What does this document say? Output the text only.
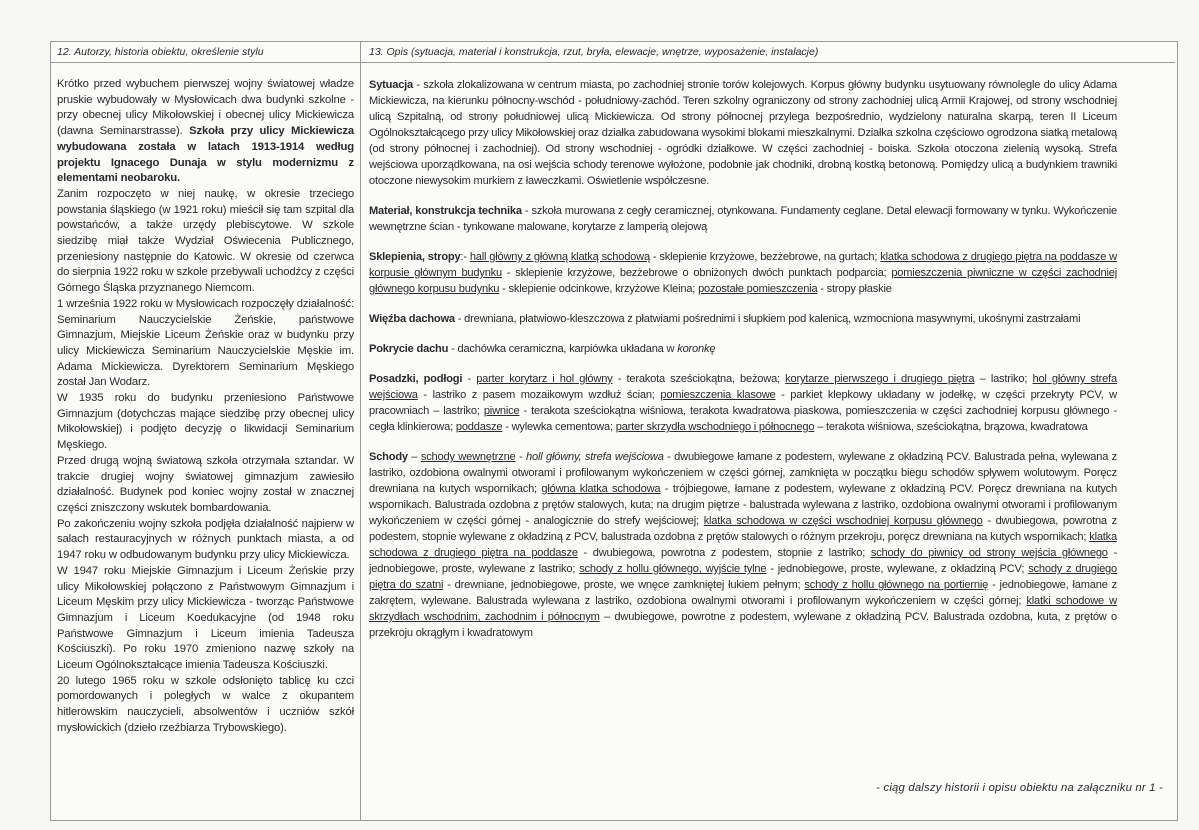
12. Autorzy, historia obiektu, określenie stylu

Krótko przed wybuchem pierwszej wojny światowej władze pruskie wybudowały w Mysłowicach dwa budynki szkolne - przy obecnej ulicy Mikołowskiej i obecnej ulicy Mickiewicza (dawna Seminarstrasse). Szkoła przy ulicy Mickiewicza wybudowana została w latach 1913-1914 według projektu Ignacego Dunaja w stylu modernizmu z elementami neobaroku.

Zanim rozpoczęto w niej naukę, w okresie trzeciego powstania śląskiego (w 1921 roku) mieścił się tam szpital dla powstańców, a także urzędy plebiscytowe. W szkole siedzibę miał także Wydział Oświecenia Publicznego, przeniesiony następnie do Katowic. W okresie od czerwca do sierpnia 1922 roku w szkole przebywali uchodźcy z części Górnego Śląska przyznanego Niemcom.

1 września 1922 roku w Mysłowicach rozpoczęły działalność: Seminarium Nauczycielskie Żeńskie, państwowe Gimnazjum, Miejskie Liceum Żeńskie oraz w budynku przy ulicy Mickiewicza Seminarium Nauczycielskie Męskie im. Adama Mickiewicza. Dyrektorem Seminarium Męskiego został Jan Wodarz.

W 1935 roku do budynku przeniesiono Państwowe Gimnazjum (dotychczas mające siedzibę przy obecnej ulicy Mikołowskiej) i podjęto decyzję o likwidacji Seminarium Męskiego.

Przed drugą wojną światową szkoła otrzymała sztandar. W trakcie drugiej wojny światowej gimnazjum zawiesiło działalność. Budynek pod koniec wojny został w znacznej części zniszczony wskutek bombardowania.

Po zakończeniu wojny szkoła podjęła działalność najpierw w salach restauracyjnych w różnych punktach miasta, a od 1947 roku w odbudowanym budynku przy ulicy Mickiewicza.

W 1947 roku Miejskie Gimnazjum i Liceum Żeńskie przy ulicy Mikołowskiej połączono z Państwowym Gimnazjum i Liceum Męskim przy ulicy Mickiewicza - tworząc Państwowe Gimnazjum i Liceum Koedukacyjne (od 1948 roku Państwowe Gimnazjum i Liceum imienia Tadeusza Kościuszki). Po roku 1970 zmieniono nazwę szkoły na Liceum Ogólnokształcące imienia Tadeusza Kościuszki.

20 lutego 1965 roku w szkole odsłonięto tablicę ku czci pomordowanych i poległych w walce z okupantem hitlerowskim nauczycieli, absolwentów i uczniów szkół mysłowickich (dzieło rzeźbiarza Trybowskiego).

13. Opis (sytuacja, materiał i konstrukcja, rzut, bryła, elewacje, wnętrze, wyposażenie, instalacje)

Sytuacja - szkoła zlokalizowana w centrum miasta, po zachodniej stronie torów kolejowych. Korpus główny budynku usytuowany równolegle do ulicy Adama Mickiewicza, na kierunku północny-wschód - południowy-zachód. Teren szkolny ograniczony od strony zachodniej ulicą Armii Krajowej, od strony wschodniej ulicą Szpitalną, od strony południowej ulicą Mickiewicza. Od strony północnej przylega bezpośrednio, wydzielony naturalna skarpą, teren II Liceum Ogólnokształcącego przy ulicy Mikołowskiej oraz działka zabudowana wysokimi blokami mieszkalnymi. Działka szkolna częściowo ogrodzona siatką metalową (od strony północnej i zachodniej). Od strony wschodniej - ogródki działkowe. W części zachodniej - boiska. Szkoła otoczona zielenią wysoką. Strefa wejściowa uporządkowana, na osi wejścia schody terenowe wyłożone, podobnie jak chodniki, drobną kostką betonową. Pomiędzy ulicą a budynkiem trawniki otoczone niewysokim murkiem z ławeczkami. Oświetlenie współczesne.

Materiał, konstrukcja technika - szkoła murowana z cegły ceramicznej, otynkowana. Fundamenty ceglane. Detal elewacji formowany w tynku. Wykończenie wewnętrzne ścian - tynkowane malowane, korytarze z lamperią olejową

Sklepienia, stropy:- hall główny z główną klatką schodową - sklepienie krzyżowe, bezżebrowe, na gurtach; klatka schodowa z drugiego piętra na poddasze w korpusie głównym budynku - sklepienie krzyżowe, bezżebrowe o obniżonych dwóch punktach podparcia; pomieszczenia piwniczne w części zachodniej głównego korpusu budynku - sklepienie odcinkowe, krzyżowe Kleina; pozostałe pomieszczenia - stropy płaskie

Więźba dachowa - drewniana, płatwiowo-kleszczowa z płatwiami pośrednimi i słupkiem pod kalenicą, wzmocniona masywnymi, ukośnymi zastrzałami

Pokrycie dachu - dachówka ceramiczna, karpiówka układana w koronkę

Posadzki, podłogi - parter korytarz i hol główny - terakota sześciokątna, beżowa; korytarze pierwszego i drugiego piętra – lastriko; hol główny strefa wejściowa - lastriko z pasem mozaikowym wzdłuż ścian; pomieszczenia klasowe - parkiet klepkowy układany w jodełkę, w części przekryty PCV, w pracowniach – lastriko; piwnice - terakota sześciokątna wiśniowa, terakota kwadratowa piaskowa, pomieszczenia w części zachodniej korpusu głównego - cegła klinkierowa; poddasze - wylewka cementowa; parter skrzydła wschodniego i północnego – terakota wiśniowa, sześciokątna, brązowa, kwadratowa

Schody – schody wewnętrzne - holl główny, strefa wejściowa - dwubiegowe łamane z podestem, wylewane z okładziną PCV. Balustrada pełna, wylewana z lastriko, ozdobiona owalnymi otworami i profilowanym wykończeniem w części górnej, zamknięta w początku biegu schodów spływem wolutowym. Poręcz drewniana na kutych wspornikach; główna klatka schodowa - trójbiegowe, łamane z podestem, wylewane z okładziną PCV. Poręcz drewniana na kutych wspornikach. Balustrada ozdobna z prętów stalowych, kuta; na drugim piętrze - balustrada wylewana z lastriko, ozdobiona owalnymi otworami i profilowanym wykończeniem w części górnej - analogicznie do strefy wejściowej; klatka schodowa w części wschodniej korpusu głównego - dwubiegowa, powrotna z podestem, stopnie wylewane z okładziną z PCV, balustrada ozdobna z prętów stalowych o różnym przekroju, poręcz drewniana na kutych wspornikach; klatka schodowa z drugiego piętra na poddasze - dwubiegowa, powrotna z podestem, stopnie z lastriko; schody do piwnicy od strony wejścia głównego - jednobiegowe, proste, wylewane z lastriko; schody z hollu głównego, wyjście tylne - jednobiegowe, proste, wylewane, z okładziną PCV; schody z drugiego piętra do szatni - drewniane, jednobiegowe, proste, we wnęce zamkniętej łukiem pełnym; schody z hollu głównego na portiernię - jednobiegowe, łamane z zakrętem, wylewane. Balustrada wylewana z lastriko, ozdobiona owalnymi otworami i profilowanym wykończeniem w części górnej; klatki schodowe w skrzydłach wschodnim, zachodnim i północnym – dwubiegowe, powrotne z podestem, wylewane z okładziną PCV. Balustrada ozdobna, kuta, z prętów o przekroju okrągłym i kwadratowym

- ciąg dalszy historii i opisu obiektu na załączniku nr 1 -
